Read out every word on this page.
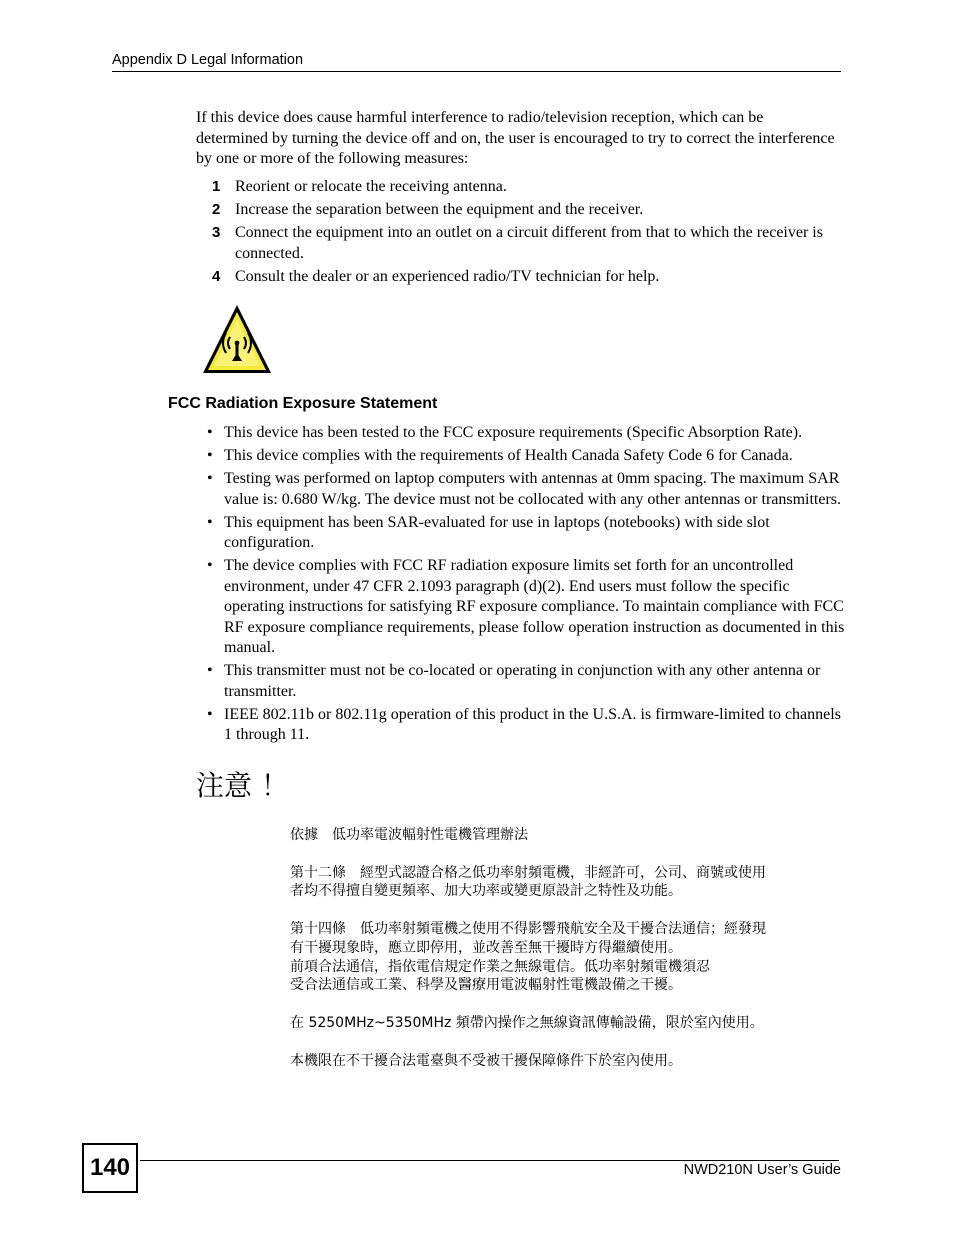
Appendix D Legal Information

If this device does cause harmful interference to radio/television reception, which can be determined by turning the device off and on, the user is encouraged to try to correct the interference by one or more of the following measures:

1 Reorient or relocate the receiving antenna.
2 Increase the separation between the equipment and the receiver.
3 Connect the equipment into an outlet on a circuit different from that to which the receiver is connected.
4 Consult the dealer or an experienced radio/TV technician for help.
FCC Radiation Exposure Statement
• This device has been tested to the FCC exposure requirements (Specific Absorption Rate).
• This device complies with the requirements of Health Canada Safety Code 6 for Canada.
• Testing was performed on laptop computers with antennas at 0mm spacing. The maximum SAR value is: 0.680 W/kg. The device must not be collocated with any other antennas or transmitters.
• This equipment has been SAR-evaluated for use in laptops (notebooks) with side slot configuration.
• The device complies with FCC RF radiation exposure limits set forth for an uncontrolled environment, under 47 CFR 2.1093 paragraph (d)(2). End users must follow the specific operating instructions for satisfying RF exposure compliance. To maintain compliance with FCC RF exposure compliance requirements, please follow operation instruction as documented in this manual.
• This transmitter must not be co-located or operating in conjunction with any other antenna or transmitter.
• IEEE 802.11b or 802.11g operation of this product in the U.S.A. is firmware-limited to channels 1 through 11.
注意 ！

依據　低功率電波輻射性電機管理辦法

第十二條　經型式認證合格之低功率射頻電機，非經許可，公司、商號或使用
者均不得擅自變更頻率、加大功率或變更原設計之特性及功能。

第十四條　低功率射頻電機之使用不得影響飛航安全及干擾合法通信；經發現
有干擾現象時，應立即停用，並改善至無干擾時方得繼續使用。
前項合法通信，指依電信規定作業之無線電信。低功率射頻電機須忍
受合法通信或工業、科學及醫療用電波輻射性電機設備之干擾。

在 5250MHz~5350MHz 頻帶內操作之無線資訊傳輸設備，限於室內使用。

本機限在不干擾合法電臺與不受被干擾保障條件下於室內使用。

140	NWD210N User’s Guide
